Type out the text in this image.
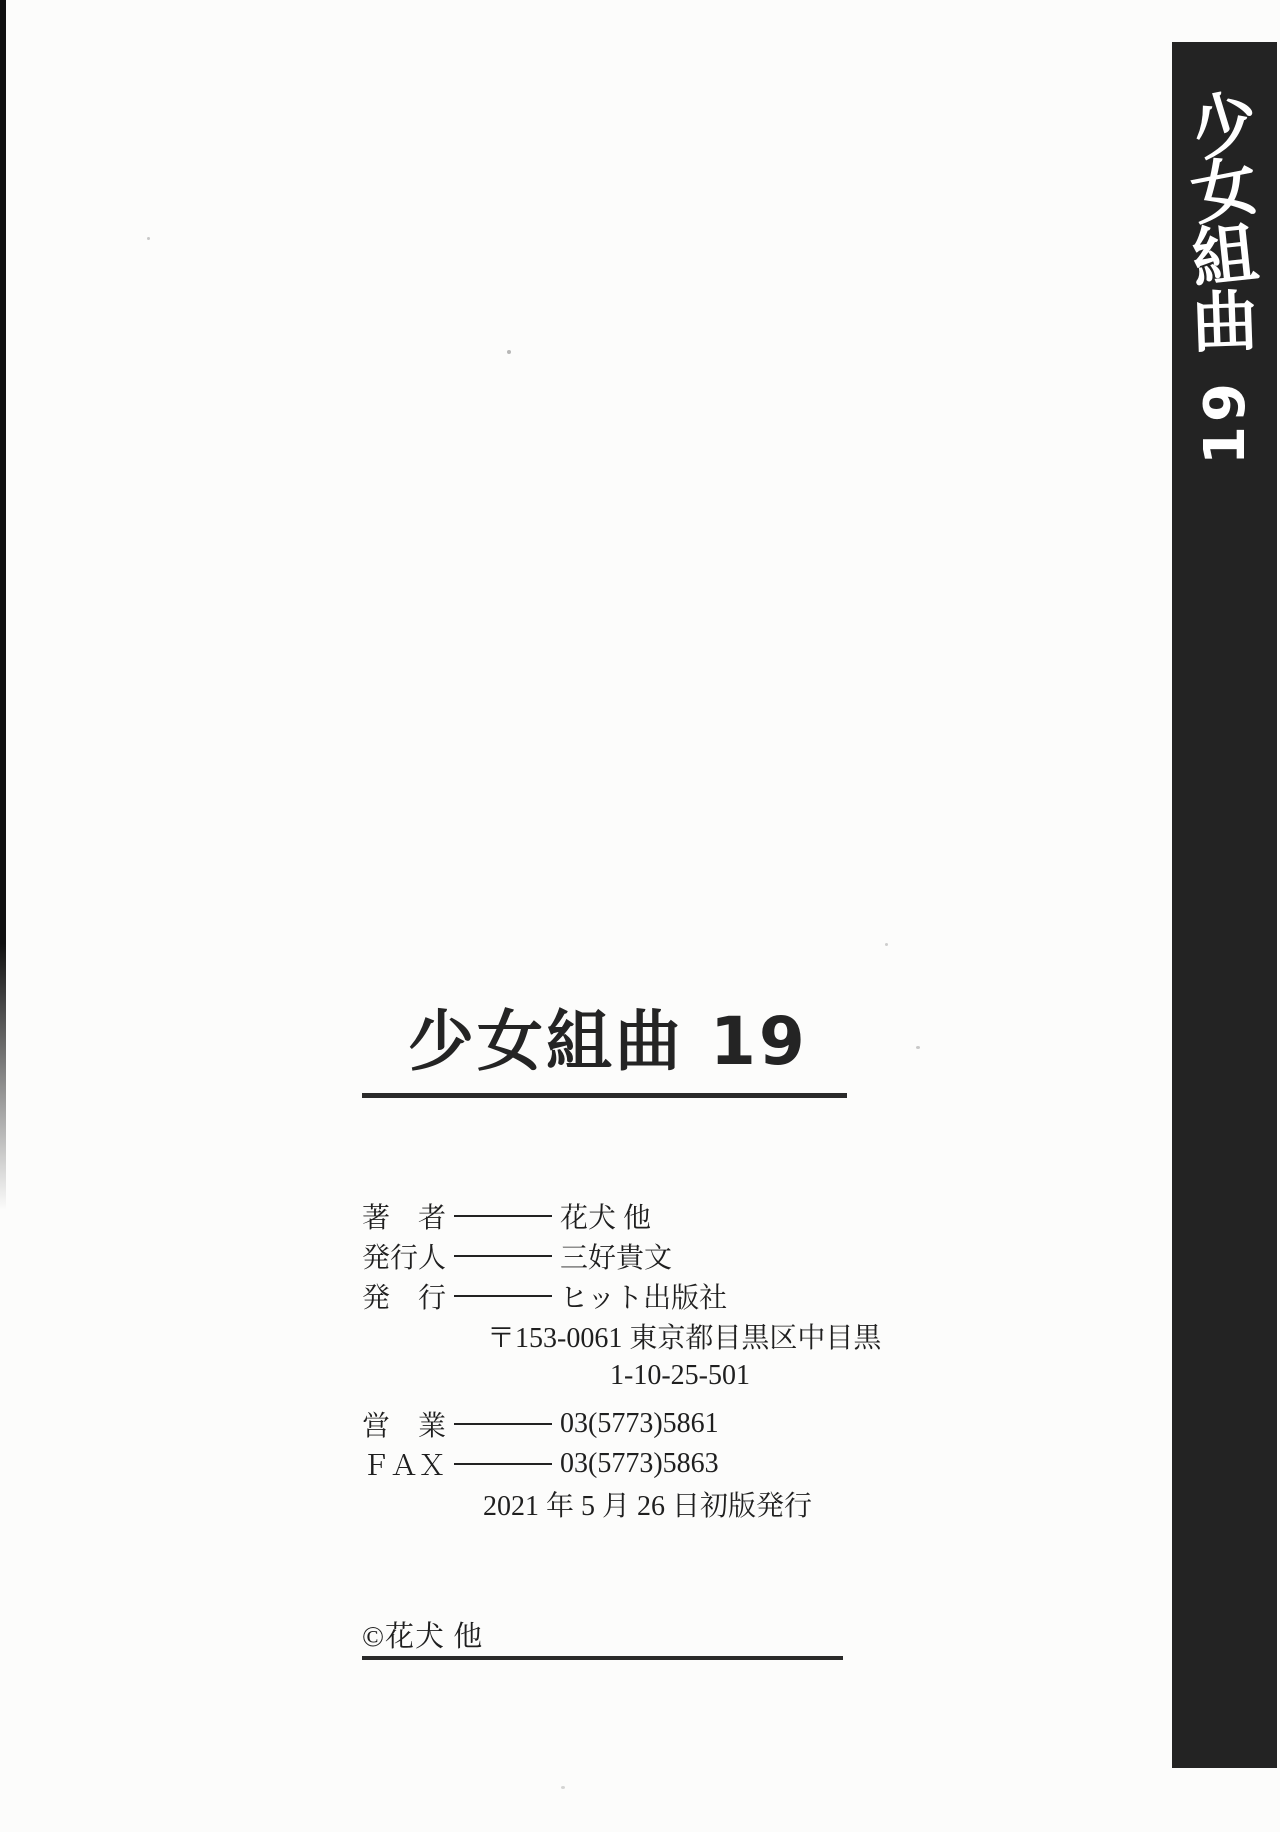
少
女
組
曲
19
少女組曲 19
著　者	花犬 他
発行人	三好貴文
発　行	ヒット出版社
〒153-0061 東京都目黒区中目黒
1-10-25-501
営　業	03(5773)5861
ＦＡＸ	03(5773)5863
2021 年 5 月 26 日初版発行
©花犬 他
